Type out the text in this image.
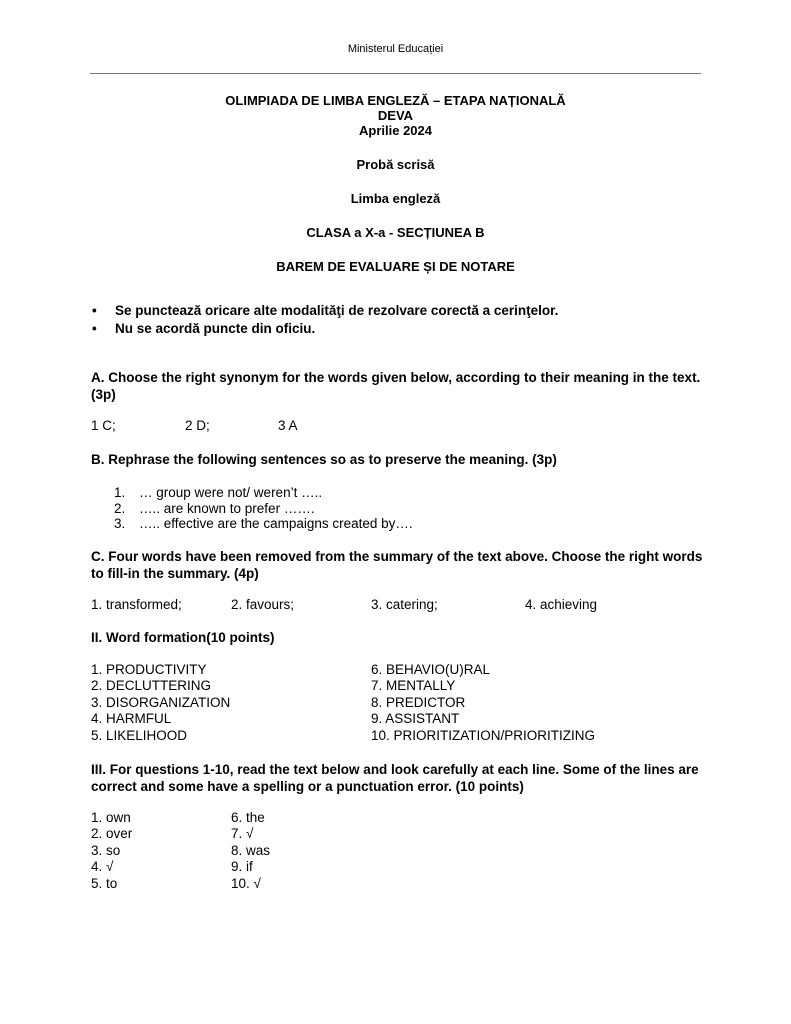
Ministerul Educației
OLIMPIADA DE LIMBA ENGLEZĂ – ETAPA NAȚIONALĂ
DEVA
Aprilie 2024
Probă scrisă
Limba engleză
CLASA a X-a - SECȚIUNEA B
BAREM DE EVALUARE ȘI DE NOTARE
• Se punctează oricare alte modalităţi de rezolvare corectă a cerinţelor.
• Nu se acordă puncte din oficiu.
A. Choose the right synonym for the words given below, according to their meaning in the text. (3p)
1 C;	2 D;	3 A
B. Rephrase the following sentences so as to preserve the meaning. (3p)
1. … group were not/ weren’t …..
2. ….. are known to prefer …….
3. ….. effective are the campaigns created by….
C. Four words have been removed from the summary of the text above. Choose the right words to fill-in the summary. (4p)
1. transformed;	2. favours;	3. catering;	4. achieving
II. Word formation(10 points)
1. PRODUCTIVITY
2. DECLUTTERING
3. DISORGANIZATION
4. HARMFUL
5. LIKELIHOOD
6. BEHAVIO(U)RAL
7. MENTALLY
8. PREDICTOR
9. ASSISTANT
10. PRIORITIZATION/PRIORITIZING
III. For questions 1-10, read the text below and look carefully at each line. Some of the lines are correct and some have a spelling or a punctuation error. (10 points)
1. own
2. over
3. so
4. √
5. to
6. the
7. √
8. was
9. if
10. √
